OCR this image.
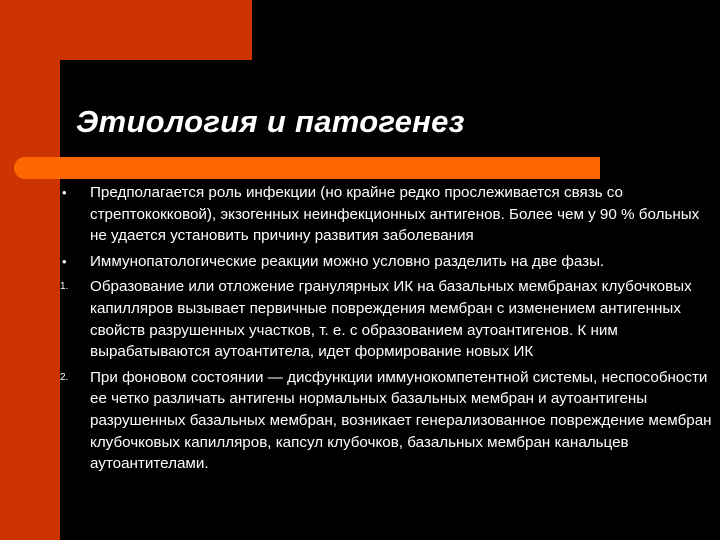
Этиология и патогенез
• Предполагается роль инфекции (но крайне редко прослеживается связь со стрептококковой), экзогенных неинфекционных антигенов. Более чем у 90 % больных не удается установить причину развития заболевания
• Иммунопатологические реакции можно условно разделить на две фазы.
1. Образование или отложение гранулярных ИК на базальных мембранах клубочковых капилляров вызывает первичные повреждения мембран с изменением антигенных свойств разрушенных участков, т. е. с образованием аутоантигенов. К ним вырабатываются аутоантитела, идет формирование новых ИК
2. При фоновом состоянии — дисфункции иммунокомпетентной системы, неспособности ее четко различать антигены нормальных базальных мембран и аутоантигены разрушенных базальных мембран, возникает генерализованное повреждение мембран клубочковых капилляров, капсул клубочков, базальных мембран канальцев аутоантителами.
